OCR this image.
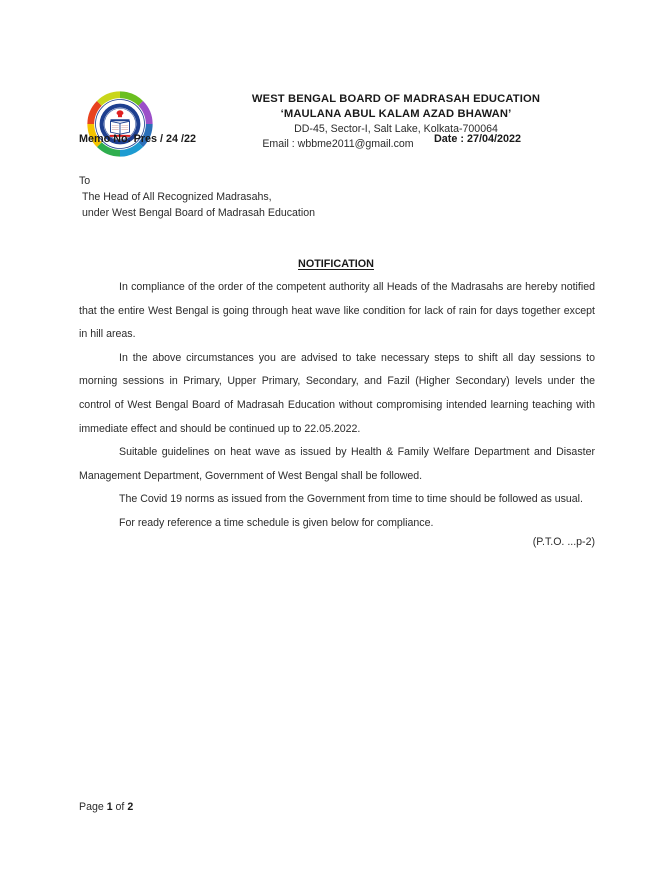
WEST BENGAL BOARD OF MADRASAH EDUCATION
‘MAULANA ABUL KALAM AZAD BHAWAN’
DD-45, Sector-I, Salt Lake, Kolkata-700064
Email : wbbme2011@gmail.com
Memo No. Pres / 24 /22	Date : 27/04/2022
To
The Head of All Recognized Madrasahs,
under West Bengal Board of Madrasah Education
NOTIFICATION

In compliance of the order of the competent authority all Heads of the Madrasahs are hereby notified that the entire West Bengal is going through heat wave like condition for lack of rain for days together except in hill areas.

In the above circumstances you are advised to take necessary steps to shift all day sessions to morning sessions in Primary, Upper Primary, Secondary, and Fazil (Higher Secondary) levels under the control of West Bengal Board of Madrasah Education without compromising intended learning teaching with immediate effect and should be continued up to 22.05.2022.

Suitable guidelines on heat wave as issued by Health & Family Welfare Department and Disaster Management Department, Government of West Bengal shall be followed.

The Covid 19 norms as issued from the Government from time to time should be followed as usual.

For ready reference a time schedule is given below for compliance.

(P.T.O. ...p-2)
Page 1 of 2
